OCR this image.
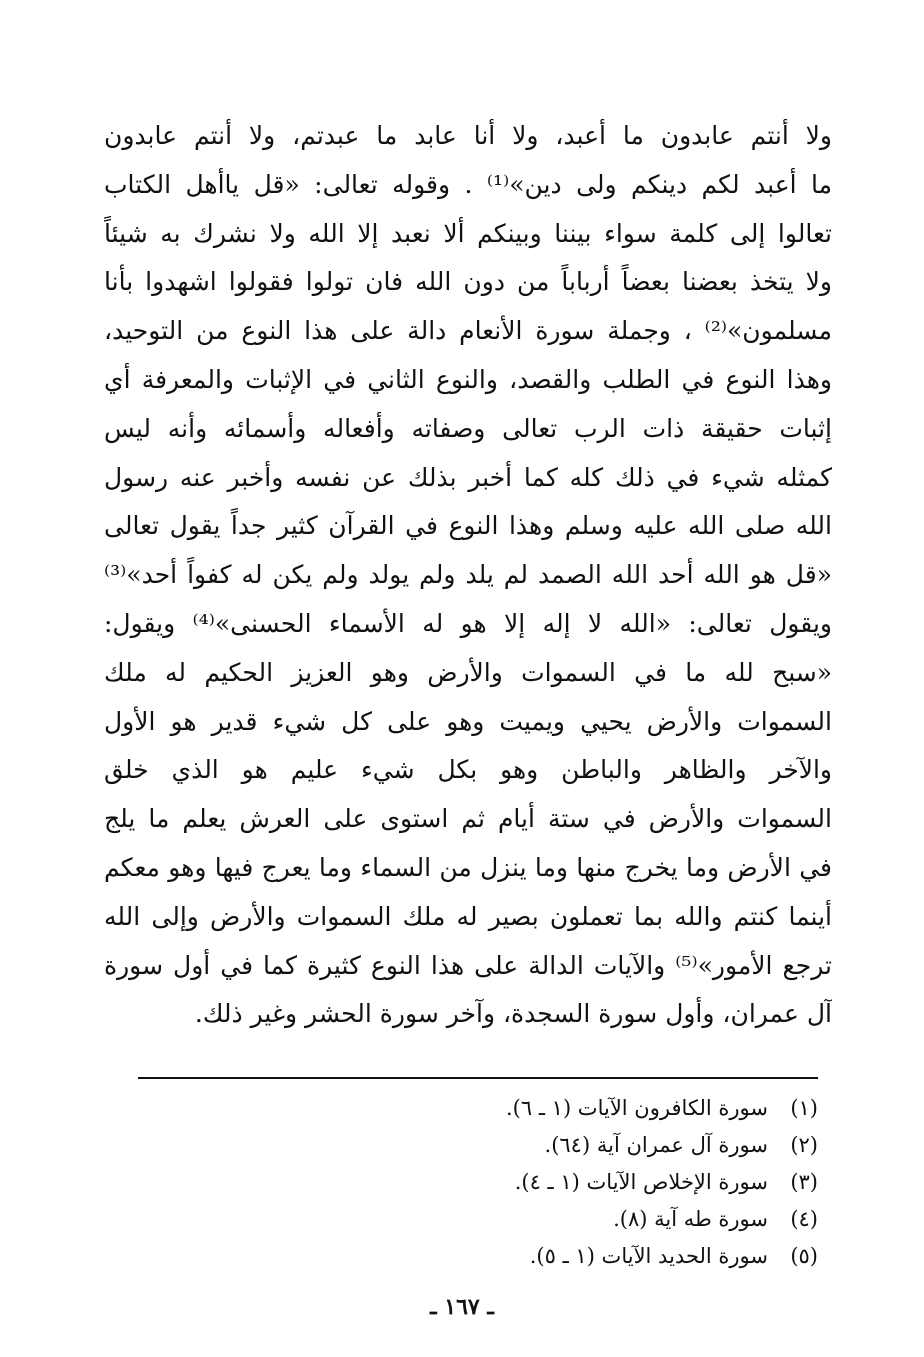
ولا أنتم عابدون ما أعبد، ولا أنا عابد ما عبدتم، ولا أنتم عابدون
ما أعبد لكم دينكم ولى دين»⁽¹⁾ . وقوله تعالى: «قل ياأهل الكتاب
تعالوا إلى كلمة سواء بيننا وبينكم ألا نعبد إلا الله ولا نشرك به شيئاً
ولا يتخذ بعضنا بعضاً أرباباً من دون الله فان تولوا فقولوا اشهدوا بأنا
مسلمون»⁽²⁾ ، وجملة سورة الأنعام دالة على هذا النوع من التوحيد،
وهذا النوع في الطلب والقصد، والنوع الثاني في الإثبات والمعرفة أي
إثبات حقيقة ذات الرب تعالى وصفاته وأفعاله وأسمائه وأنه ليس
كمثله شيء في ذلك كله كما أخبر بذلك عن نفسه وأخبر عنه رسول
الله صلى الله عليه وسلم وهذا النوع في القرآن كثير جداً يقول تعالى
«قل هو الله أحد الله الصمد لم يلد ولم يولد ولم يكن له كفواً أحد»⁽³⁾
ويقول تعالى: «الله لا إله إلا هو له الأسماء الحسنى»⁽⁴⁾ ويقول:
«سبح لله ما في السموات والأرض وهو العزيز الحكيم له ملك
السموات والأرض يحيي ويميت وهو على كل شيء قدير هو الأول
والآخر والظاهر والباطن وهو بكل شيء عليم هو الذي خلق
السموات والأرض في ستة أيام ثم استوى على العرش يعلم ما يلج
في الأرض وما يخرج منها وما ينزل من السماء وما يعرج فيها وهو معكم
أينما كنتم والله بما تعملون بصير له ملك السموات والأرض وإلى الله
ترجع الأمور»⁽⁵⁾ والآيات الدالة على هذا النوع كثيرة كما في أول سورة
آل عمران، وأول سورة السجدة، وآخر سورة الحشر وغير ذلك.
(١)سورة الكافرون الآيات (١ ـ ٦).
(٢)سورة آل عمران آية (٦٤).
(٣)سورة الإخلاص الآيات (١ ـ ٤).
(٤)سورة طه آية (٨).
(٥)سورة الحديد الآيات (١ ـ ٥).
ـ ١٦٧ ـ
